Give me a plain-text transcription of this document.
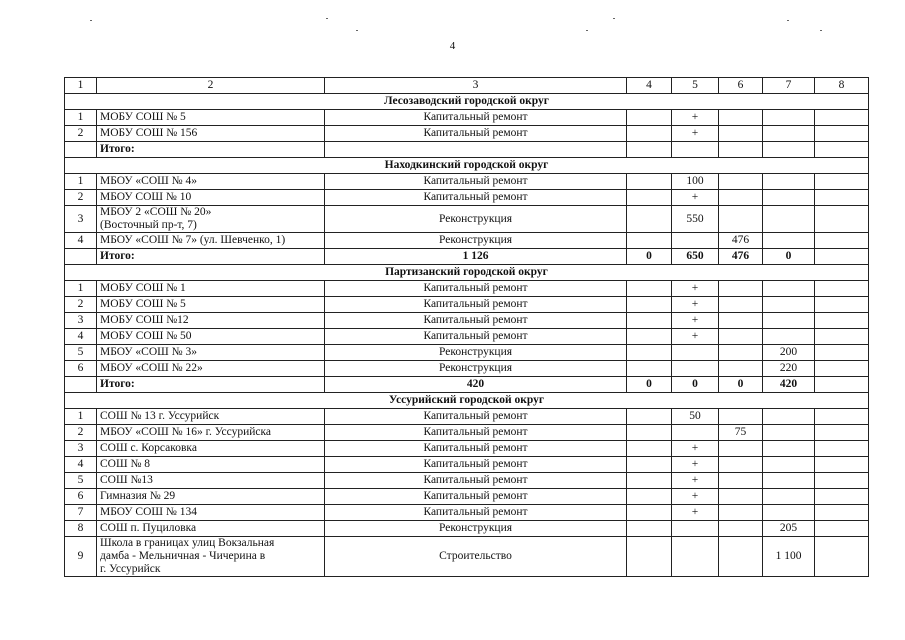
4
1	2	3	4	5	6	7	8
Лесозаводский городской округ							
1	МОБУ СОШ № 5	Капитальный ремонт		+			
2	МОБУ СОШ № 156	Капитальный ремонт		+			
	Итого:						
Находкинский городской округ							
1	МБОУ «СОШ № 4»	Капитальный ремонт		100			
2	МБОУ СОШ № 10	Капитальный ремонт		+			
3	МБОУ 2 «СОШ № 20»
(Восточный пр-т, 7)	Реконструкция		550			
4	МБОУ «СОШ № 7» (ул. Шевченко, 1)	Реконструкция			476		
	Итого:	1 126	0	650	476	0	
Партизанский городской округ							
1	МОБУ СОШ № 1	Капитальный ремонт		+			
2	МОБУ СОШ № 5	Капитальный ремонт		+			
3	МОБУ СОШ №12	Капитальный ремонт		+			
4	МОБУ СОШ № 50	Капитальный ремонт		+			
5	МБОУ «СОШ № 3»	Реконструкция				200	
6	МБОУ «СОШ № 22»	Реконструкция				220	
	Итого:	420	0	0	0	420	
Уссурийский городской округ							
1	СОШ № 13 г. Уссурийск	Капитальный ремонт		50			
2	МБОУ «СОШ № 16» г. Уссурийска	Капитальный ремонт			75		
3	СОШ с. Корсаковка	Капитальный ремонт		+			
4	СОШ № 8	Капитальный ремонт		+			
5	СОШ №13	Капитальный ремонт		+			
6	Гимназия № 29	Капитальный ремонт		+			
7	МБОУ СОШ № 134	Капитальный ремонт		+			
8	СОШ п. Пуциловка	Реконструкция				205	
9	Школа в границах улиц Вокзальная
дамба - Мельничная - Чичерина в
г. Уссурийск	Строительство				1 100	
